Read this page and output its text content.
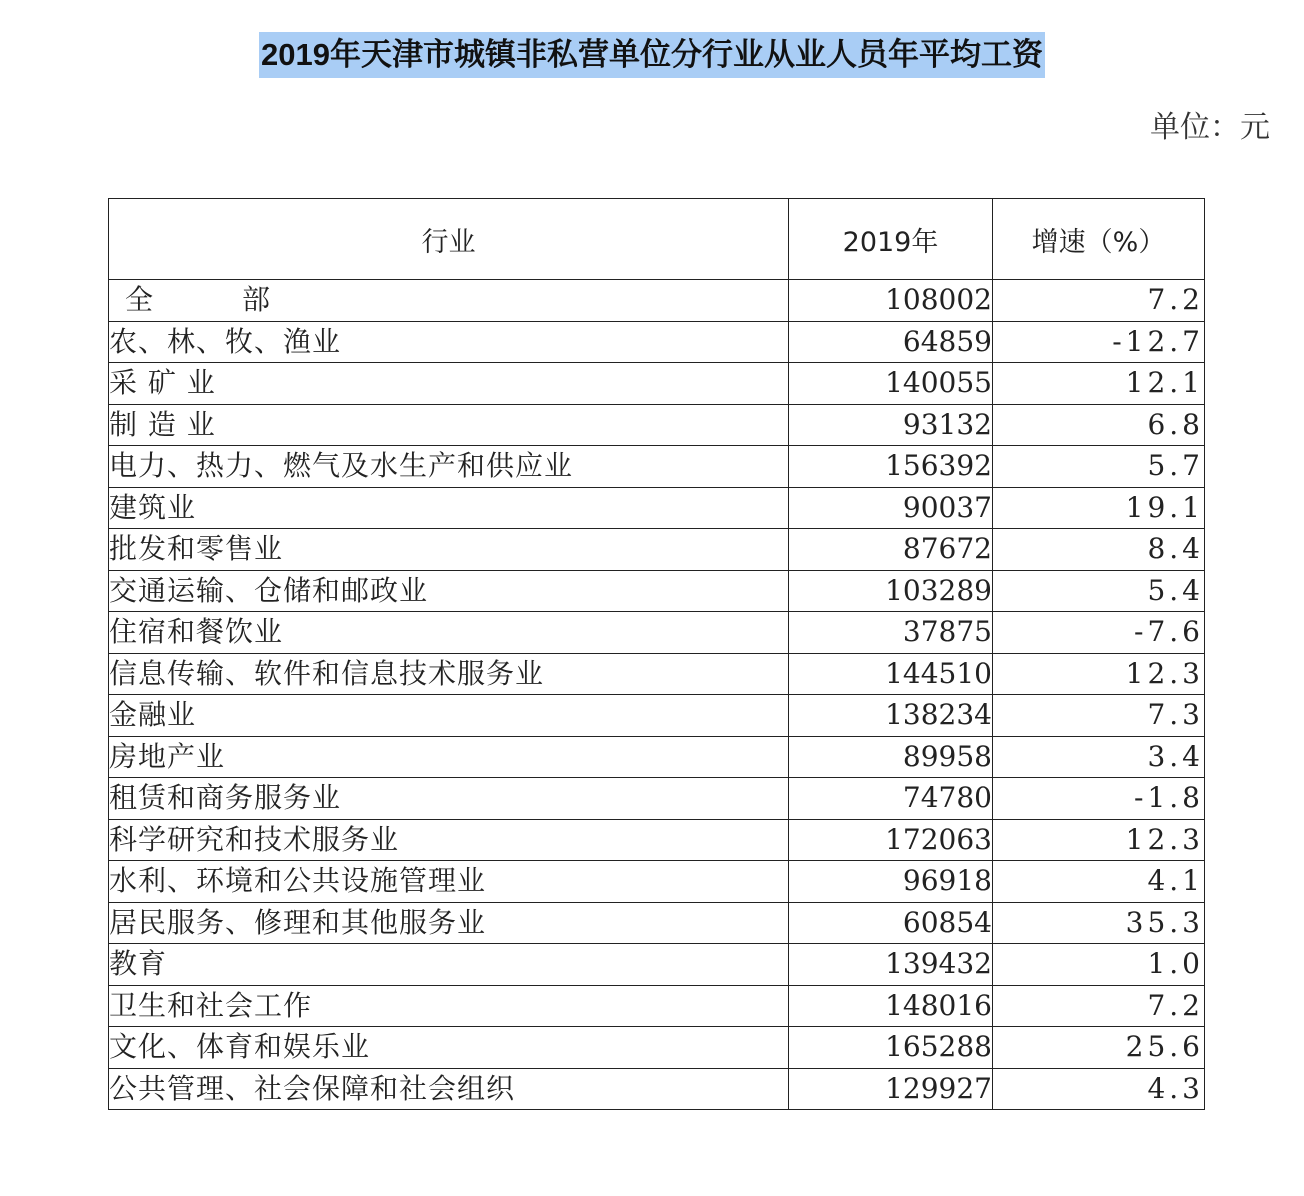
2019年天津市城镇非私营单位分行业从业人员年平均工资
单位：元
行业	2019年	增速（%）
全 部	108002	7.2
农、林、牧、渔业	64859	-12.7
采 矿 业	140055	12.1
制 造 业	93132	6.8
电力、热力、燃气及水生产和供应业	156392	5.7
建筑业	90037	19.1
批发和零售业	87672	8.4
交通运输、仓储和邮政业	103289	5.4
住宿和餐饮业	37875	-7.6
信息传输、软件和信息技术服务业	144510	12.3
金融业	138234	7.3
房地产业	89958	3.4
租赁和商务服务业	74780	-1.8
科学研究和技术服务业	172063	12.3
水利、环境和公共设施管理业	96918	4.1
居民服务、修理和其他服务业	60854	35.3
教育	139432	1.0
卫生和社会工作	148016	7.2
文化、体育和娱乐业	165288	25.6
公共管理、社会保障和社会组织	129927	4.3
